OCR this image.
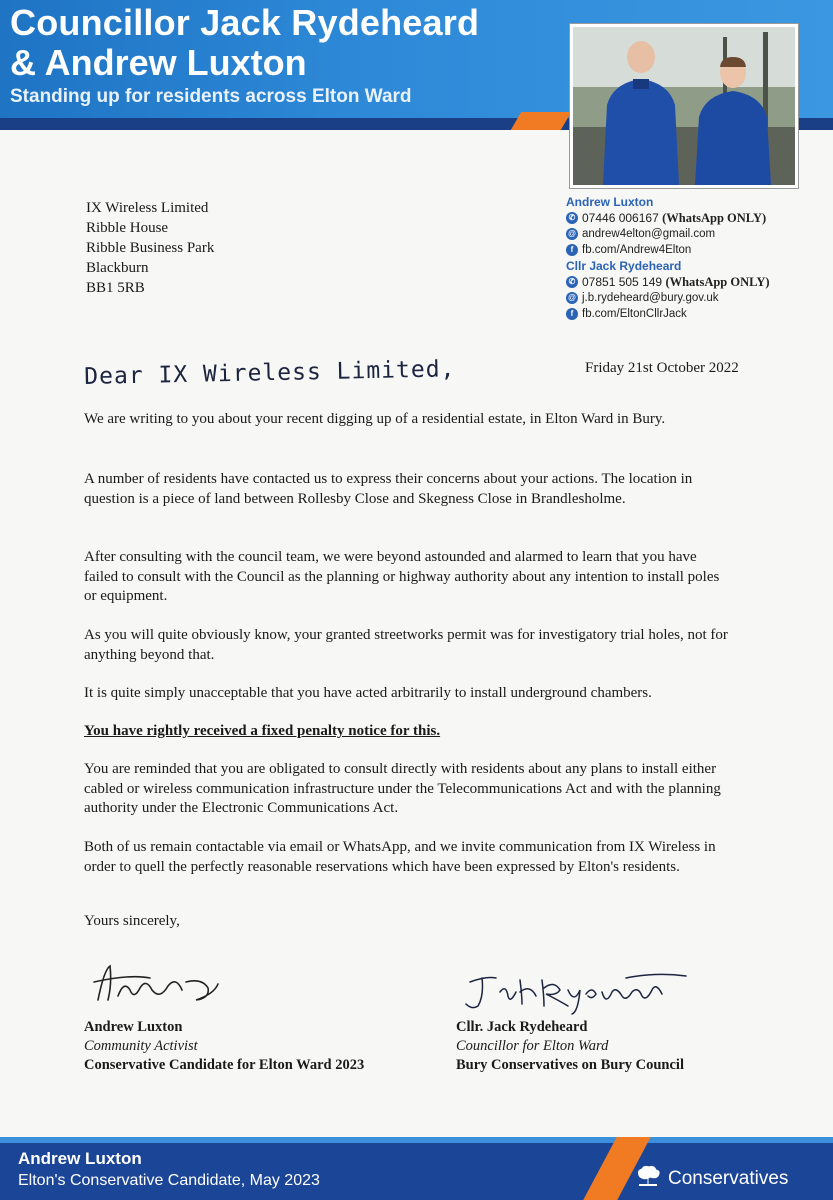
Councillor Jack Rydeheard
& Andrew Luxton
Standing up for residents across Elton Ward
Andrew Luxton
✆ 07446 006167 (WhatsApp ONLY)
@ andrew4elton@gmail.com
f fb.com/Andrew4Elton
Cllr Jack Rydeheard
✆ 07851 505 149 (WhatsApp ONLY)
@ j.b.rydeheard@bury.gov.uk
f fb.com/EltonCllrJack
IX Wireless Limited
Ribble House
Ribble Business Park
Blackburn
BB1 5RB
Friday 21st October 2022
Dear IX Wireless Limited,

We are writing to you about your recent digging up of a residential estate, in Elton Ward in Bury.

A number of residents have contacted us to express their concerns about your actions. The location in question is a piece of land between Rollesby Close and Skegness Close in Brandlesholme.

After consulting with the council team, we were beyond astounded and alarmed to learn that you have failed to consult with the Council as the planning or highway authority about any intention to install poles or equipment.

As you will quite obviously know, your granted streetworks permit was for investigatory trial holes, not for anything beyond that.

It is quite simply unacceptable that you have acted arbitrarily to install underground chambers.

You have rightly received a fixed penalty notice for this.

You are reminded that you are obligated to consult directly with residents about any plans to install either cabled or wireless communication infrastructure under the Telecommunications Act and with the planning authority under the Electronic Communications Act.

Both of us remain contactable via email or WhatsApp, and we invite communication from IX Wireless in order to quell the perfectly reasonable reservations which have been expressed by Elton's residents.

Yours sincerely,

Andrew Luxton
Community Activist
Conservative Candidate for Elton Ward 2023
Cllr. Jack Rydeheard
Councillor for Elton Ward
Bury Conservatives on Bury Council
Andrew Luxton
Elton's Conservative Candidate, May 2023	Conservatives
